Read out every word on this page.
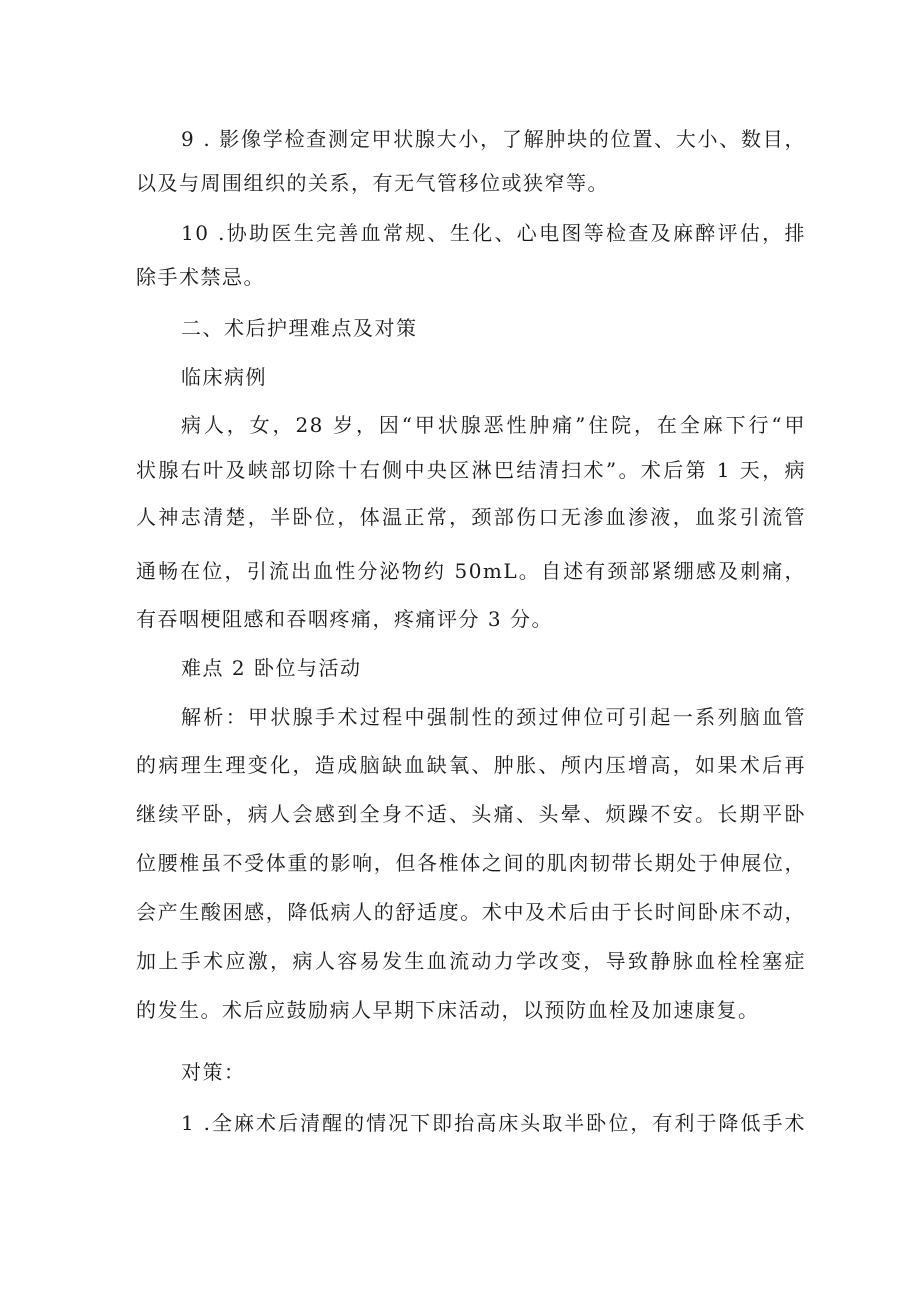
9 . 影像学检查测定甲状腺大小，了解肿块的位置、大小、数目，
以及与周围组织的关系，有无气管移位或狭窄等。
10 .协助医生完善血常规、生化、心电图等检查及麻醉评估，排
除手术禁忌。
二、术后护理难点及对策
临床病例
病人，女，28 岁，因“甲状腺恶性肿痛”住院，在全麻下行“甲
状腺右叶及峡部切除十右侧中央区淋巴结清扫术”。术后第 1 天，病
人神志清楚，半卧位，体温正常，颈部伤口无渗血渗液，血浆引流管
通畅在位，引流出血性分泌物约 50mL。自述有颈部紧绷感及刺痛，
有吞咽梗阻感和吞咽疼痛，疼痛评分 3 分。
难点 2 卧位与活动
解析：甲状腺手术过程中强制性的颈过伸位可引起一系列脑血管
的病理生理变化，造成脑缺血缺氧、肿胀、颅内压增高，如果术后再
继续平卧，病人会感到全身不适、头痛、头晕、烦躁不安。长期平卧
位腰椎虽不受体重的影响，但各椎体之间的肌肉韧带长期处于伸展位，
会产生酸困感，降低病人的舒适度。术中及术后由于长时间卧床不动，
加上手术应激，病人容易发生血流动力学改变，导致静脉血栓栓塞症
的发生。术后应鼓励病人早期下床活动，以预防血栓及加速康复。
对策：
1 .全麻术后清醒的情况下即抬高床头取半卧位，有利于降低手术
